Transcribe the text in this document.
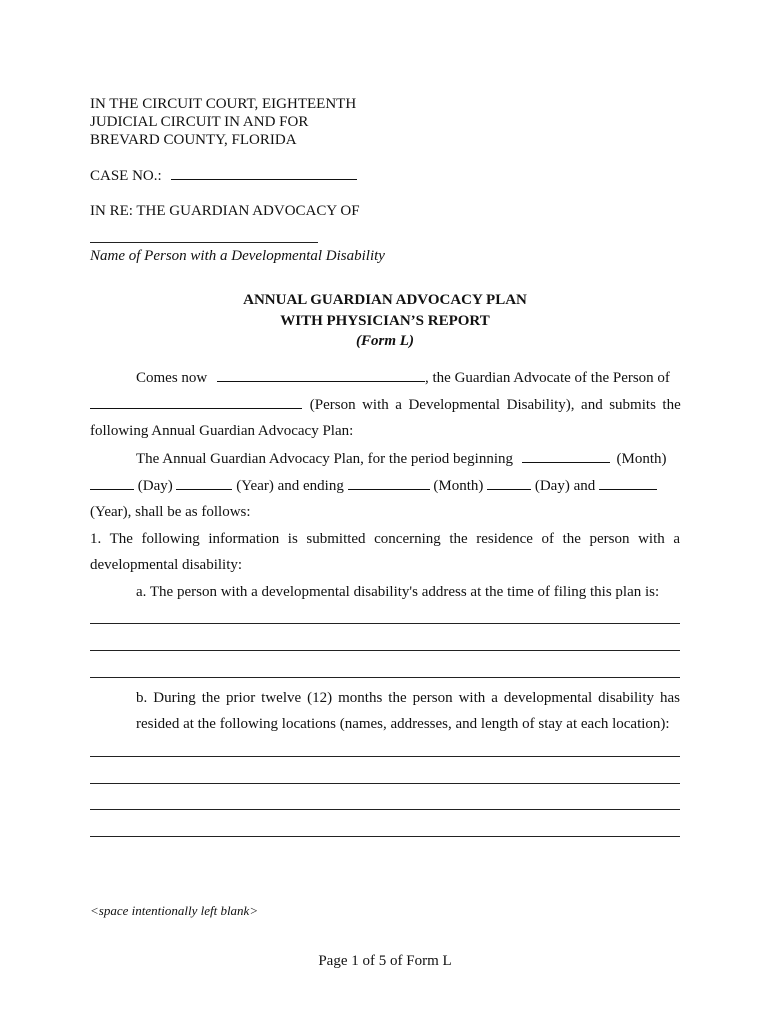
IN THE CIRCUIT COURT, EIGHTEENTH
JUDICIAL CIRCUIT IN AND FOR
BREVARD COUNTY, FLORIDA
CASE NO.:
IN RE: THE GUARDIAN ADVOCACY OF
Name of Person with a Developmental Disability
ANNUAL GUARDIAN ADVOCACY PLAN
WITH PHYSICIAN’S REPORT
(Form L)
Comes now	, the Guardian Advocate of the Person of
(Person with a Developmental Disability), and submits the
following Annual Guardian Advocacy Plan:
The Annual Guardian Advocacy Plan, for the period beginning	(Month)
(Day)	(Year) and ending	(Month)	(Day) and
(Year), shall be as follows:
1. The following information is submitted concerning the residence of the person with a
developmental disability:
a. The person with a developmental disability's address at the time of filing this plan is:
b. During the prior twelve (12) months the person with a developmental disability has
resided at the following locations (names, addresses, and length of stay at each location):
<space intentionally left blank>
Page 1 of 5 of Form L
